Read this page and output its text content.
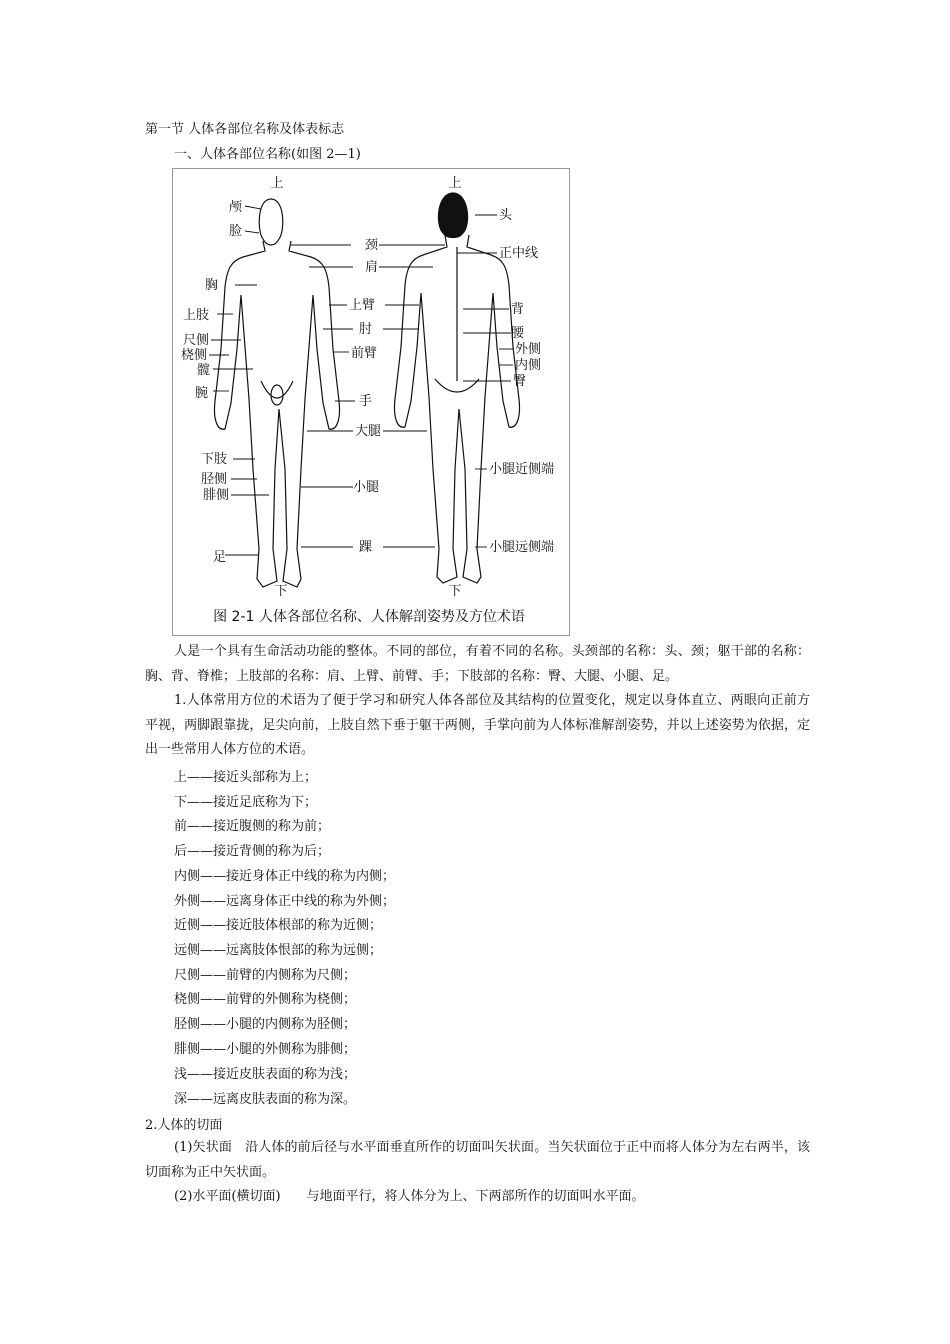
第一节 人体各部位名称及体表标志
一、人体各部位名称(如图 2—1)
上	上
下	下
颅
脸
胸
上肢
尺侧
桡侧
髋
腕
下肢
胫侧
腓侧
足
颈
肩
上臂
肘
前臂
手
大腿
小腿
踝
头
正中线
背
腰
外侧
内侧
臀
小腿近侧端
小腿远侧端
图 2-1 人体各部位名称、人体解剖姿势及方位术语
人是一个具有生命活动功能的整体。不同的部位，有着不同的名称。头颈部的名称：头、颈；躯干部的名称：胸、背、脊椎；上肢部的名称：肩、上臂、前臂、手；下肢部的名称：臀、大腿、小腿、足。
1.人体常用方位的术语为了便于学习和研究人体各部位及其结构的位置变化，规定以身体直立、两眼向正前方平视，两脚跟靠拢，足尖向前，上肢自然下垂于躯干两侧，手掌向前为人体标准解剖姿势，并以上述姿势为依据，定出一些常用人体方位的术语。
上——接近头部称为上；
下——接近足底称为下；
前——接近腹侧的称为前；
后——接近背侧的称为后；
内侧——接近身体正中线的称为内侧；
外侧——远离身体正中线的称为外侧；
近侧——接近肢体根部的称为近侧；
远侧——远离肢体恨部的称为远侧；
尺侧——前臂的内侧称为尺侧；
桡侧——前臂的外侧称为桡侧；
胫侧——小腿的内侧称为胫侧；
腓侧——小腿的外侧称为腓侧；
浅——接近皮肤表面的称为浅；
深——远离皮肤表面的称为深。
2.人体的切面
(1)矢状面　沿人体的前后径与水平面垂直所作的切面叫矢状面。当矢状面位于正中而将人体分为左右两半，该切面称为正中矢状面。
(2)水平面(横切面)　　与地面平行，将人体分为上、下两部所作的切面叫水平面。
